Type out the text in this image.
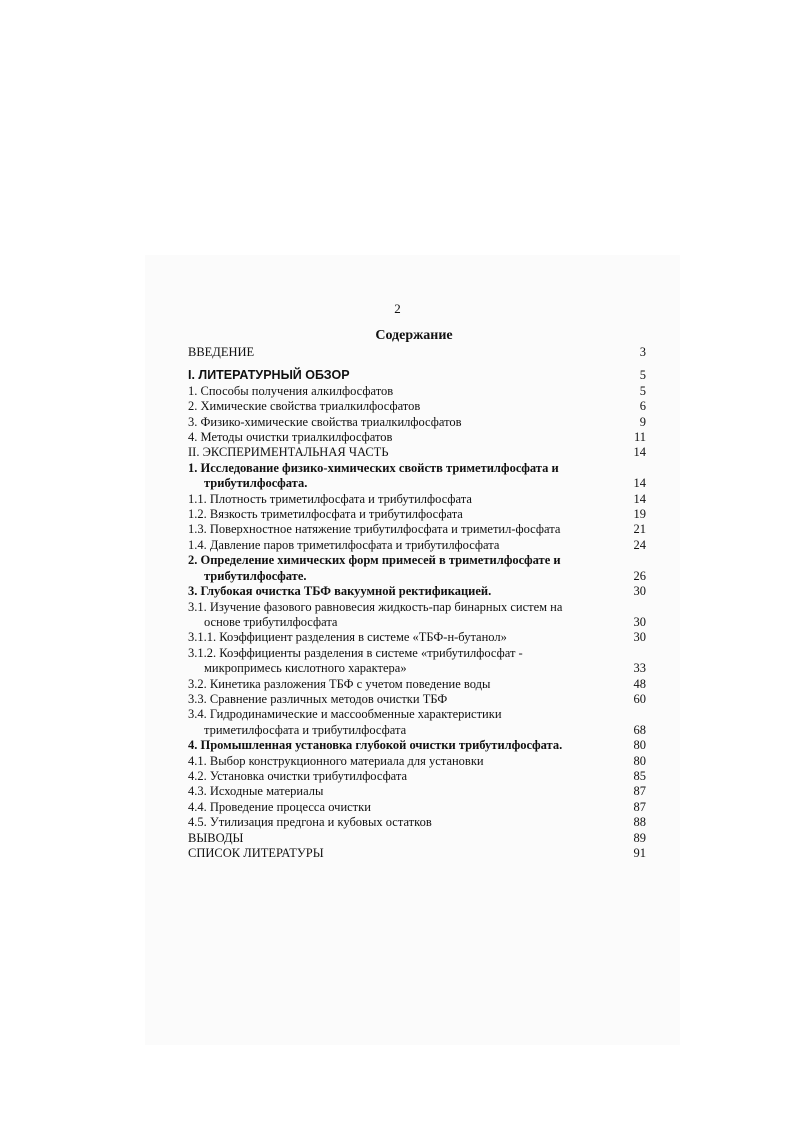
2
Содержание
ВВЕДЕНИЕ	3
I. ЛИТЕРАТУРНЫЙ ОБЗОР	5
1. Способы получения алкилфосфатов	5
2. Химические свойства триалкилфосфатов	6
3. Физико-химические свойства триалкилфосфатов	9
4. Методы очистки триалкилфосфатов	11
II. ЭКСПЕРИМЕНТАЛЬНАЯ ЧАСТЬ	14
1. Исследование физико-химических свойств триметилфосфата и
трибутилфосфата.	14
1.1. Плотность триметилфосфата и трибутилфосфата	14
1.2. Вязкость триметилфосфата и трибутилфосфата	19
1.3. Поверхностное натяжение трибутилфосфата и триметил-фосфата	21
1.4. Давление паров триметилфосфата и трибутилфосфата	24
2. Определение химических форм примесей в триметилфосфате и
трибутилфосфате.	26
3. Глубокая очистка ТБФ вакуумной ректификацией.	30
3.1. Изучение фазового равновесия жидкость-пар бинарных систем на
основе трибутилфосфата	30
3.1.1. Коэффициент разделения в системе «ТБФ-н-бутанол»	30
3.1.2. Коэффициенты разделения в системе «трибутилфосфат -
микропримесь кислотного характера»	33
3.2. Кинетика разложения ТБФ с учетом поведение воды	48
3.3. Сравнение различных методов очистки ТБФ	60
3.4. Гидродинамические и массообменные характеристики
триметилфосфата и трибутилфосфата	68
4. Промышленная установка глубокой очистки трибутилфосфата.	80
4.1. Выбор конструкционного материала для установки	80
4.2. Установка очистки трибутилфосфата	85
4.3. Исходные материалы	87
4.4. Проведение процесса очистки	87
4.5. Утилизация предгона и кубовых остатков	88
ВЫВОДЫ	89
СПИСОК ЛИТЕРАТУРЫ	91
